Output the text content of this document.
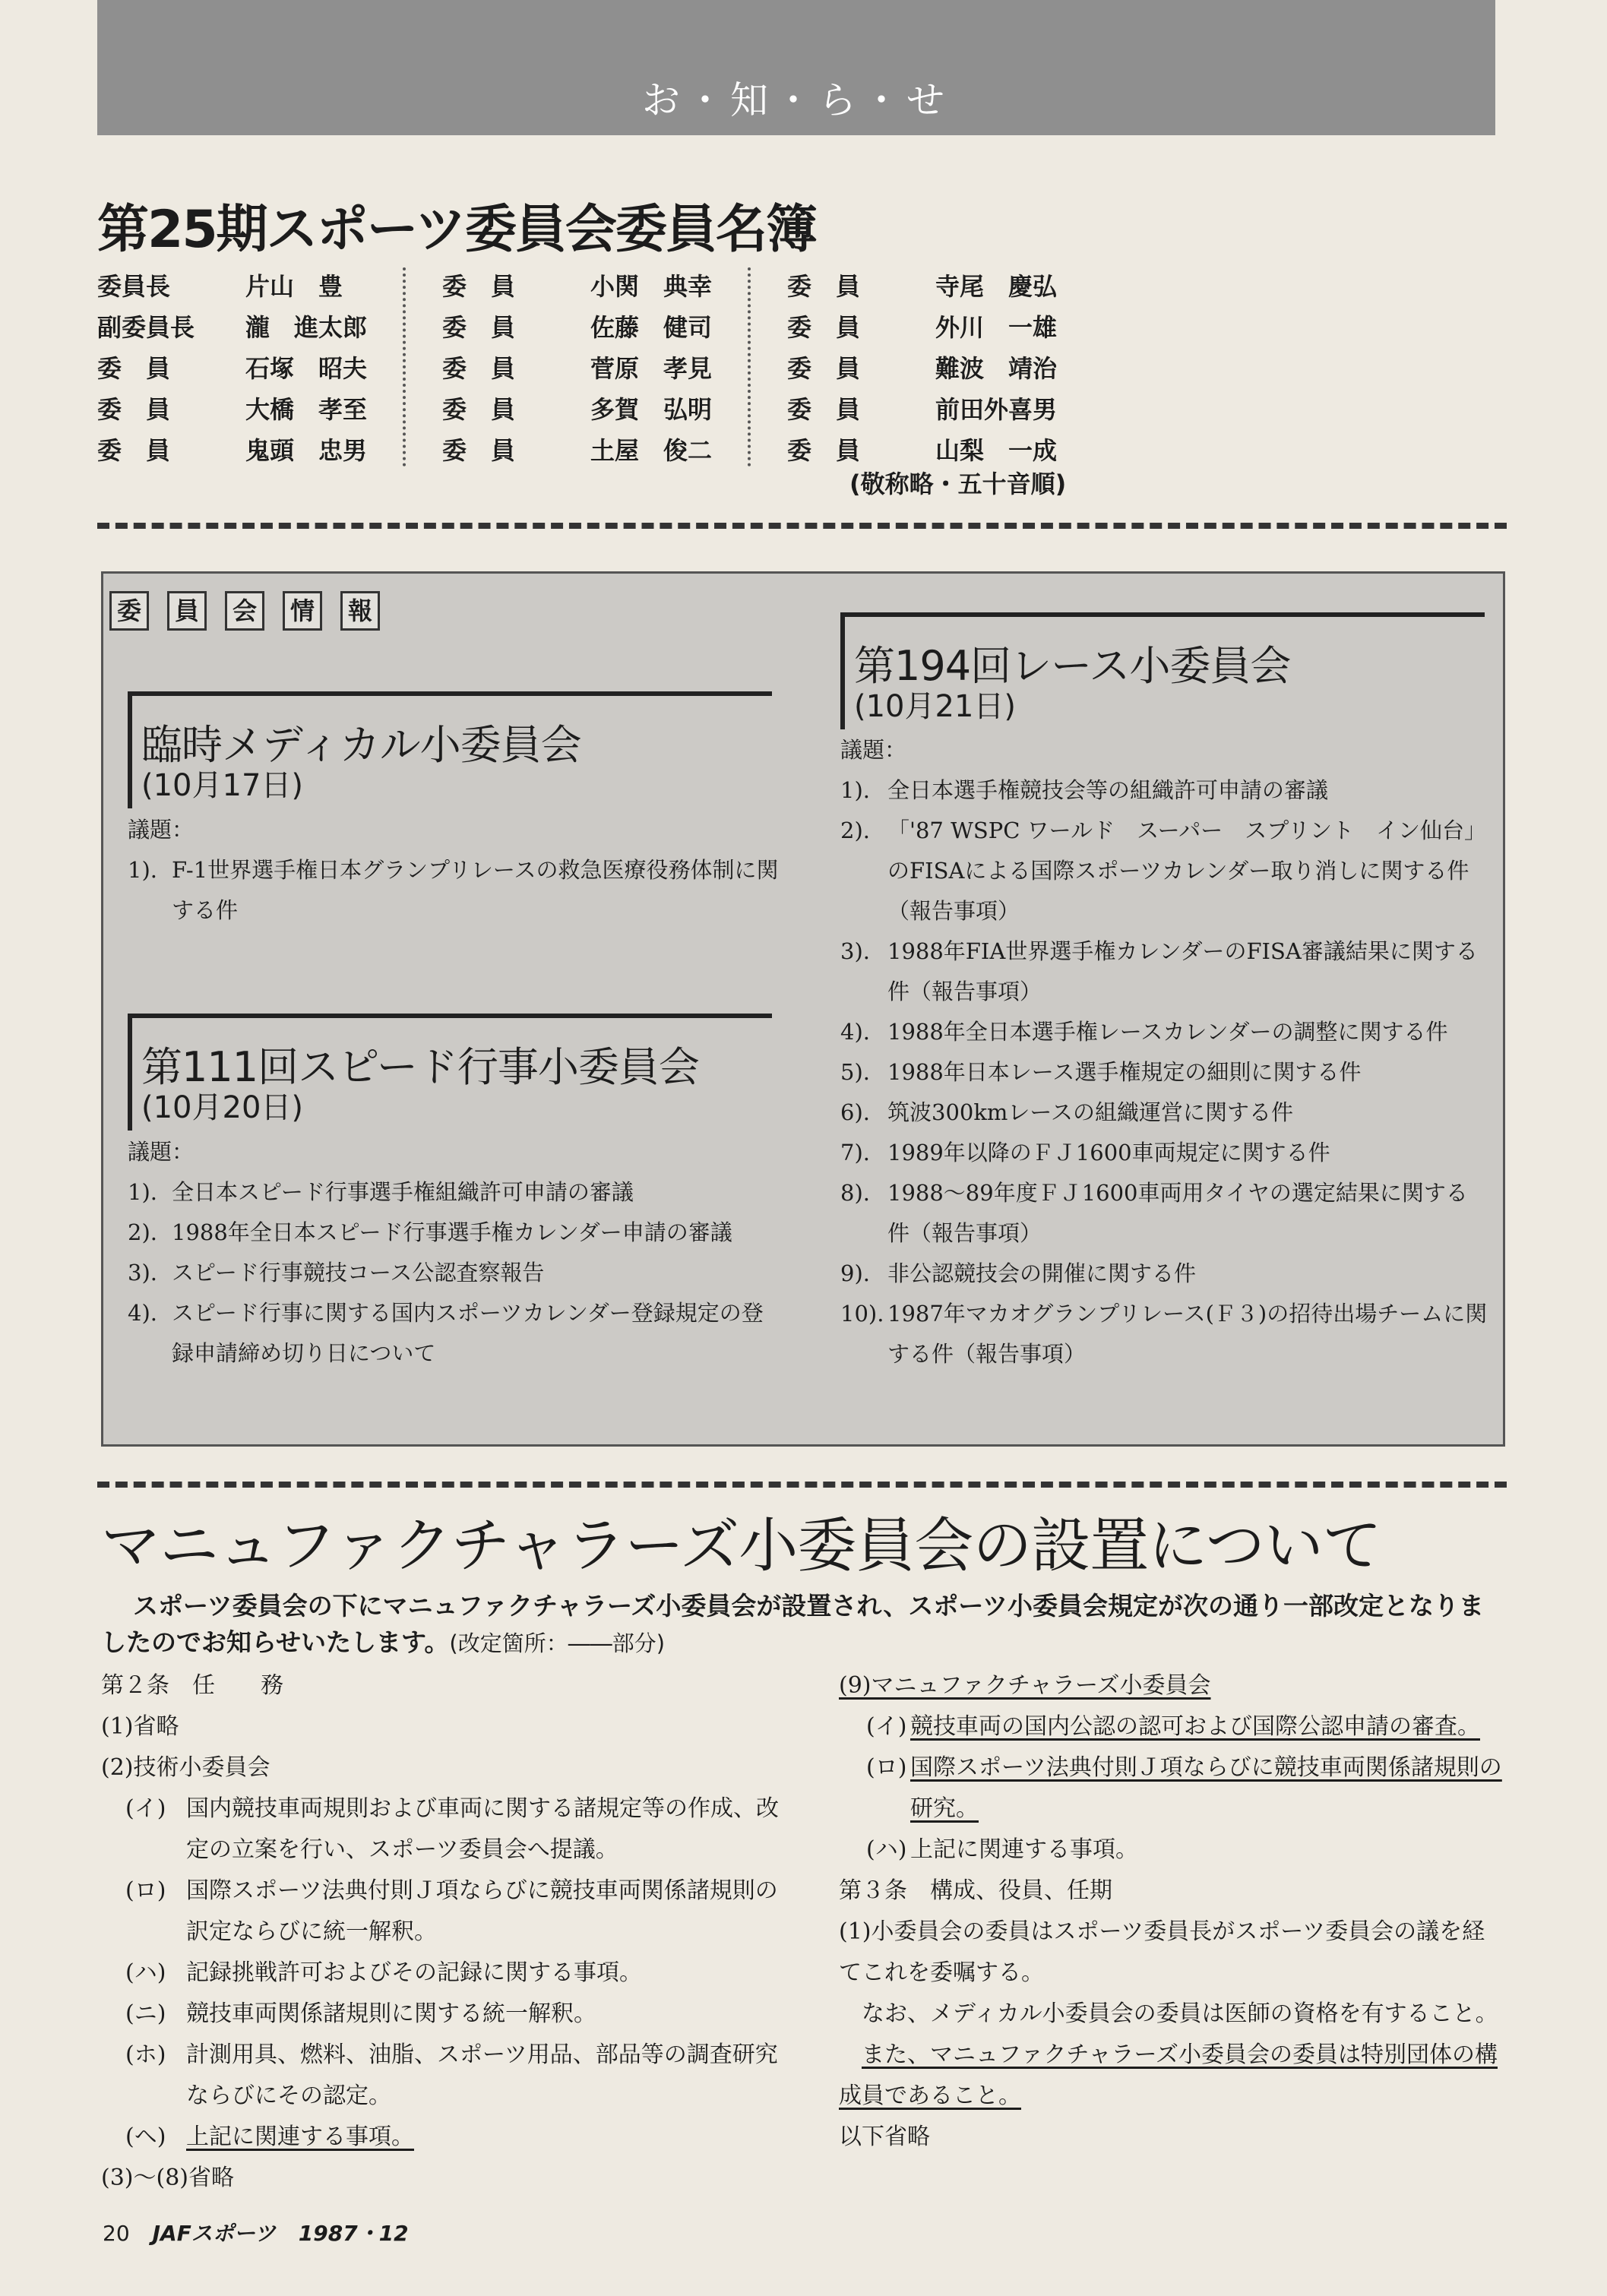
お・知・ら・せ
第25期スポーツ委員会委員名簿
委員長	片山　豊
副委員長 瀧　進太郎
委　員	石塚　昭夫
委　員	大橋　孝至
委　員	鬼頭　忠男
委　員	小関　典幸
委　員	佐藤　健司
委　員	菅原　孝見
委　員	多賀　弘明
委　員	土屋　俊二
委　員	寺尾　慶弘
委　員	外川　一雄
委　員	難波　靖治
委　員	前田外喜男
委　員	山梨　一成
(敬称略・五十音順)
委	員	会	情	報
臨時メディカル小委員会
(10月17日)
議題：
1). F-1世界選手権日本グランプリレースの救急医療役務体制に関する件
第111回スピード行事小委員会
(10月20日)
議題：
1). 全日本スピード行事選手権組織許可申請の審議
2). 1988年全日本スピード行事選手権カレンダー申請の審議
3). スピード行事競技コース公認査察報告
4). スピード行事に関する国内スポーツカレンダー登録規定の登録申請締め切り日について
第194回レース小委員会
(10月21日)
議題：
1). 全日本選手権競技会等の組織許可申請の審議
2). 「'87 WSPC ワールド　スーパー　スプリント　イン仙台」のFISAによる国際スポーツカレンダー取り消しに関する件（報告事項）
3). 1988年FIA世界選手権カレンダーのFISA審議結果に関する件（報告事項）
4). 1988年全日本選手権レースカレンダーの調整に関する件
5). 1988年日本レース選手権規定の細則に関する件
6). 筑波300kmレースの組織運営に関する件
7). 1989年以降のＦＪ1600車両規定に関する件
8). 1988～89年度ＦＪ1600車両用タイヤの選定結果に関する件（報告事項）
9). 非公認競技会の開催に関する件
10). 1987年マカオグランプリレース(Ｆ３)の招待出場チームに関する件（報告事項）
マニュファクチャラーズ小委員会の設置について
スポーツ委員会の下にマニュファクチャラーズ小委員会が設置され、スポーツ小委員会規定が次の通り一部改定となりましたのでお知らせいたします。(改定箇所：――部分)
第２条　任　　務
(1)省略
(2)技術小委員会
(イ) 国内競技車両規則および車両に関する諸規定等の作成、改定の立案を行い、スポーツ委員会へ提議。
(ロ) 国際スポーツ法典付則Ｊ項ならびに競技車両関係諸規則の訳定ならびに統一解釈。
(ハ) 記録挑戦許可およびその記録に関する事項。
(ニ) 競技車両関係諸規則に関する統一解釈。
(ホ) 計測用具、燃料、油脂、スポーツ用品、部品等の調査研究ならびにその認定。
(ヘ) 上記に関連する事項。
(3)～(8)省略
(9)マニュファクチャラーズ小委員会
(イ) 競技車両の国内公認の認可および国際公認申請の審査。
(ロ) 国際スポーツ法典付則Ｊ項ならびに競技車両関係諸規則の研究。
(ハ) 上記に関連する事項。
第３条　構成、役員、任期
(1)小委員会の委員はスポーツ委員長がスポーツ委員会の議を経てこれを委嘱する。
なお、メディカル小委員会の委員は医師の資格を有すること。
また、マニュファクチャラーズ小委員会の委員は特別団体の構成員であること。
以下省略
20 JAFスポーツ 1987・12
